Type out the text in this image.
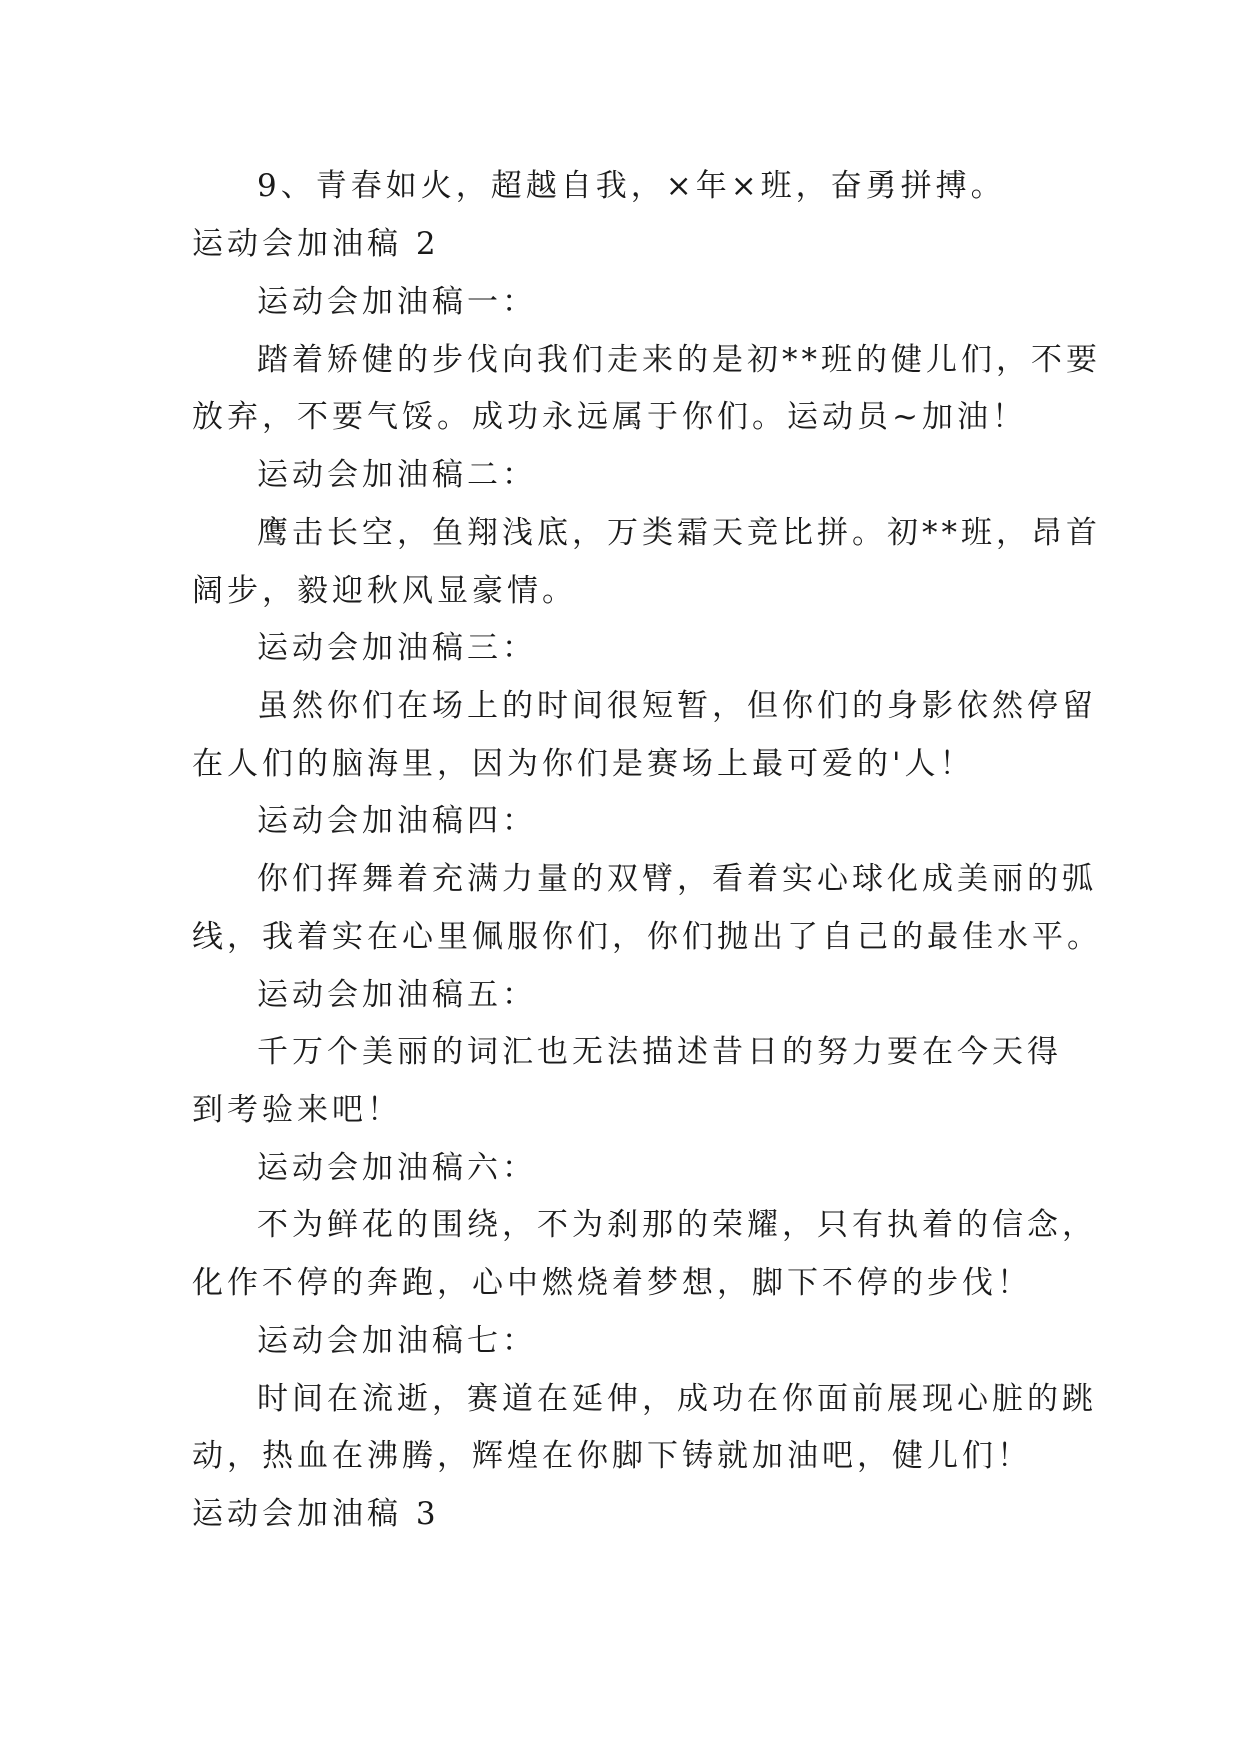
9、青春如火，超越自我，×年×班，奋勇拼搏。
运动会加油稿 2
运动会加油稿一：
踏着矫健的步伐向我们走来的是初**班的健儿们，不要
放弃，不要气馁。成功永远属于你们。运动员~加油！
运动会加油稿二：
鹰击长空，鱼翔浅底，万类霜天竞比拼。初**班，昂首
阔步，毅迎秋风显豪情。
运动会加油稿三：
虽然你们在场上的时间很短暂，但你们的身影依然停留
在人们的脑海里，因为你们是赛场上最可爱的'人！
运动会加油稿四：
你们挥舞着充满力量的双臂，看着实心球化成美丽的弧
线，我着实在心里佩服你们，你们抛出了自己的最佳水平。
运动会加油稿五：
千万个美丽的词汇也无法描述昔日的努力要在今天得
到考验来吧！
运动会加油稿六：
不为鲜花的围绕，不为刹那的荣耀，只有执着的信念，
化作不停的奔跑，心中燃烧着梦想，脚下不停的步伐！
运动会加油稿七：
时间在流逝，赛道在延伸，成功在你面前展现心脏的跳
动，热血在沸腾，辉煌在你脚下铸就加油吧，健儿们！
运动会加油稿 3
